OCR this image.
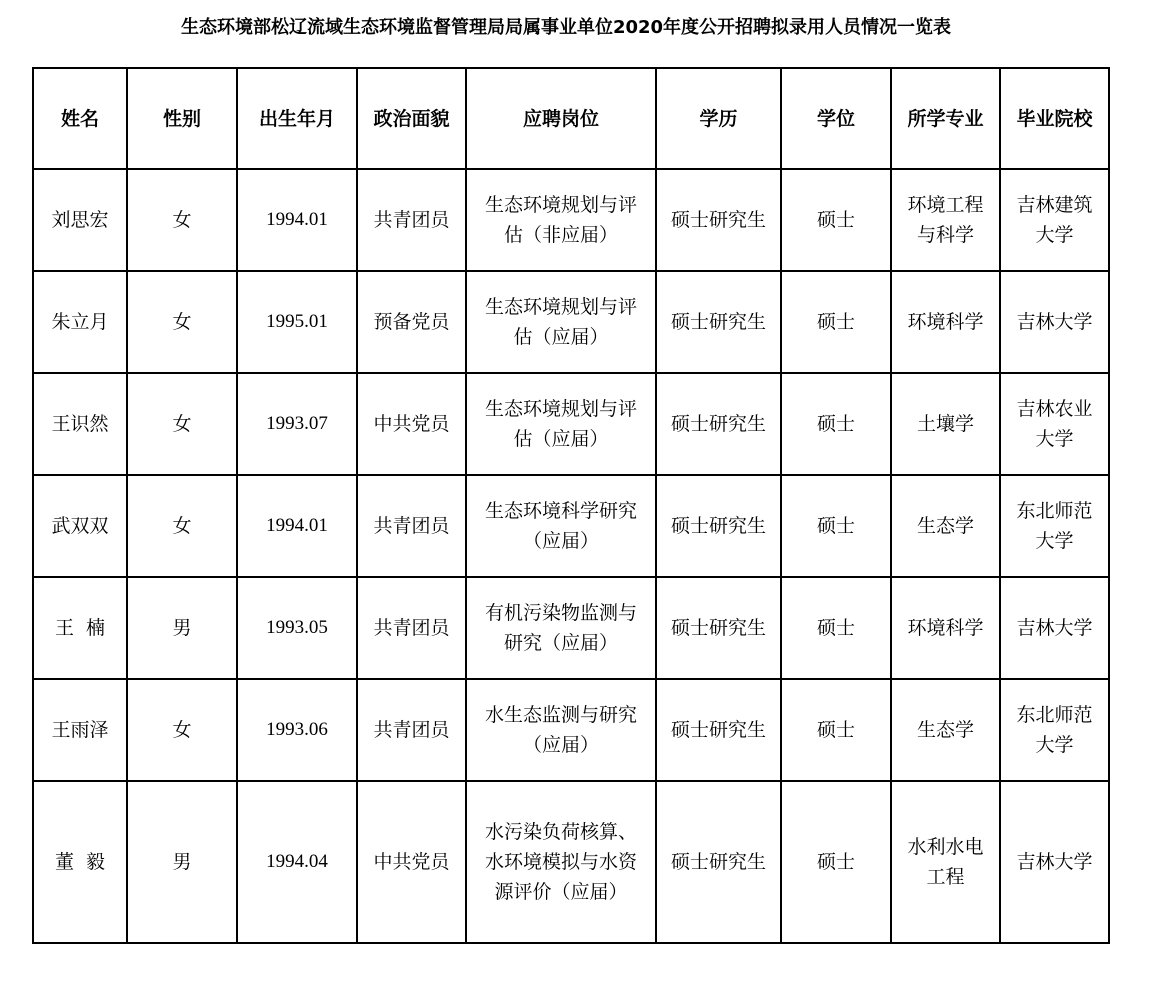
生态环境部松辽流域生态环境监督管理局局属事业单位2020年度公开招聘拟录用人员情况一览表
姓名	性别	出生年月	政治面貌	应聘岗位	学历	学位	所学专业	毕业院校
刘思宏	女	1994.01	共青团员	生态环境规划与评估（非应届）	硕士研究生	硕士	环境工程与科学	吉林建筑大学
朱立月	女	1995.01	预备党员	生态环境规划与评估（应届）	硕士研究生	硕士	环境科学	吉林大学
王识然	女	1993.07	中共党员	生态环境规划与评估（应届）	硕士研究生	硕士	土壤学	吉林农业大学
武双双	女	1994.01	共青团员	生态环境科学研究（应届）	硕士研究生	硕士	生态学	东北师范大学
王  楠	男	1993.05	共青团员	有机污染物监测与研究（应届）	硕士研究生	硕士	环境科学	吉林大学
王雨泽	女	1993.06	共青团员	水生态监测与研究（应届）	硕士研究生	硕士	生态学	东北师范大学
董  毅	男	1994.04	中共党员	水污染负荷核算、水环境模拟与水资源评价（应届）	硕士研究生	硕士	水利水电工程	吉林大学
